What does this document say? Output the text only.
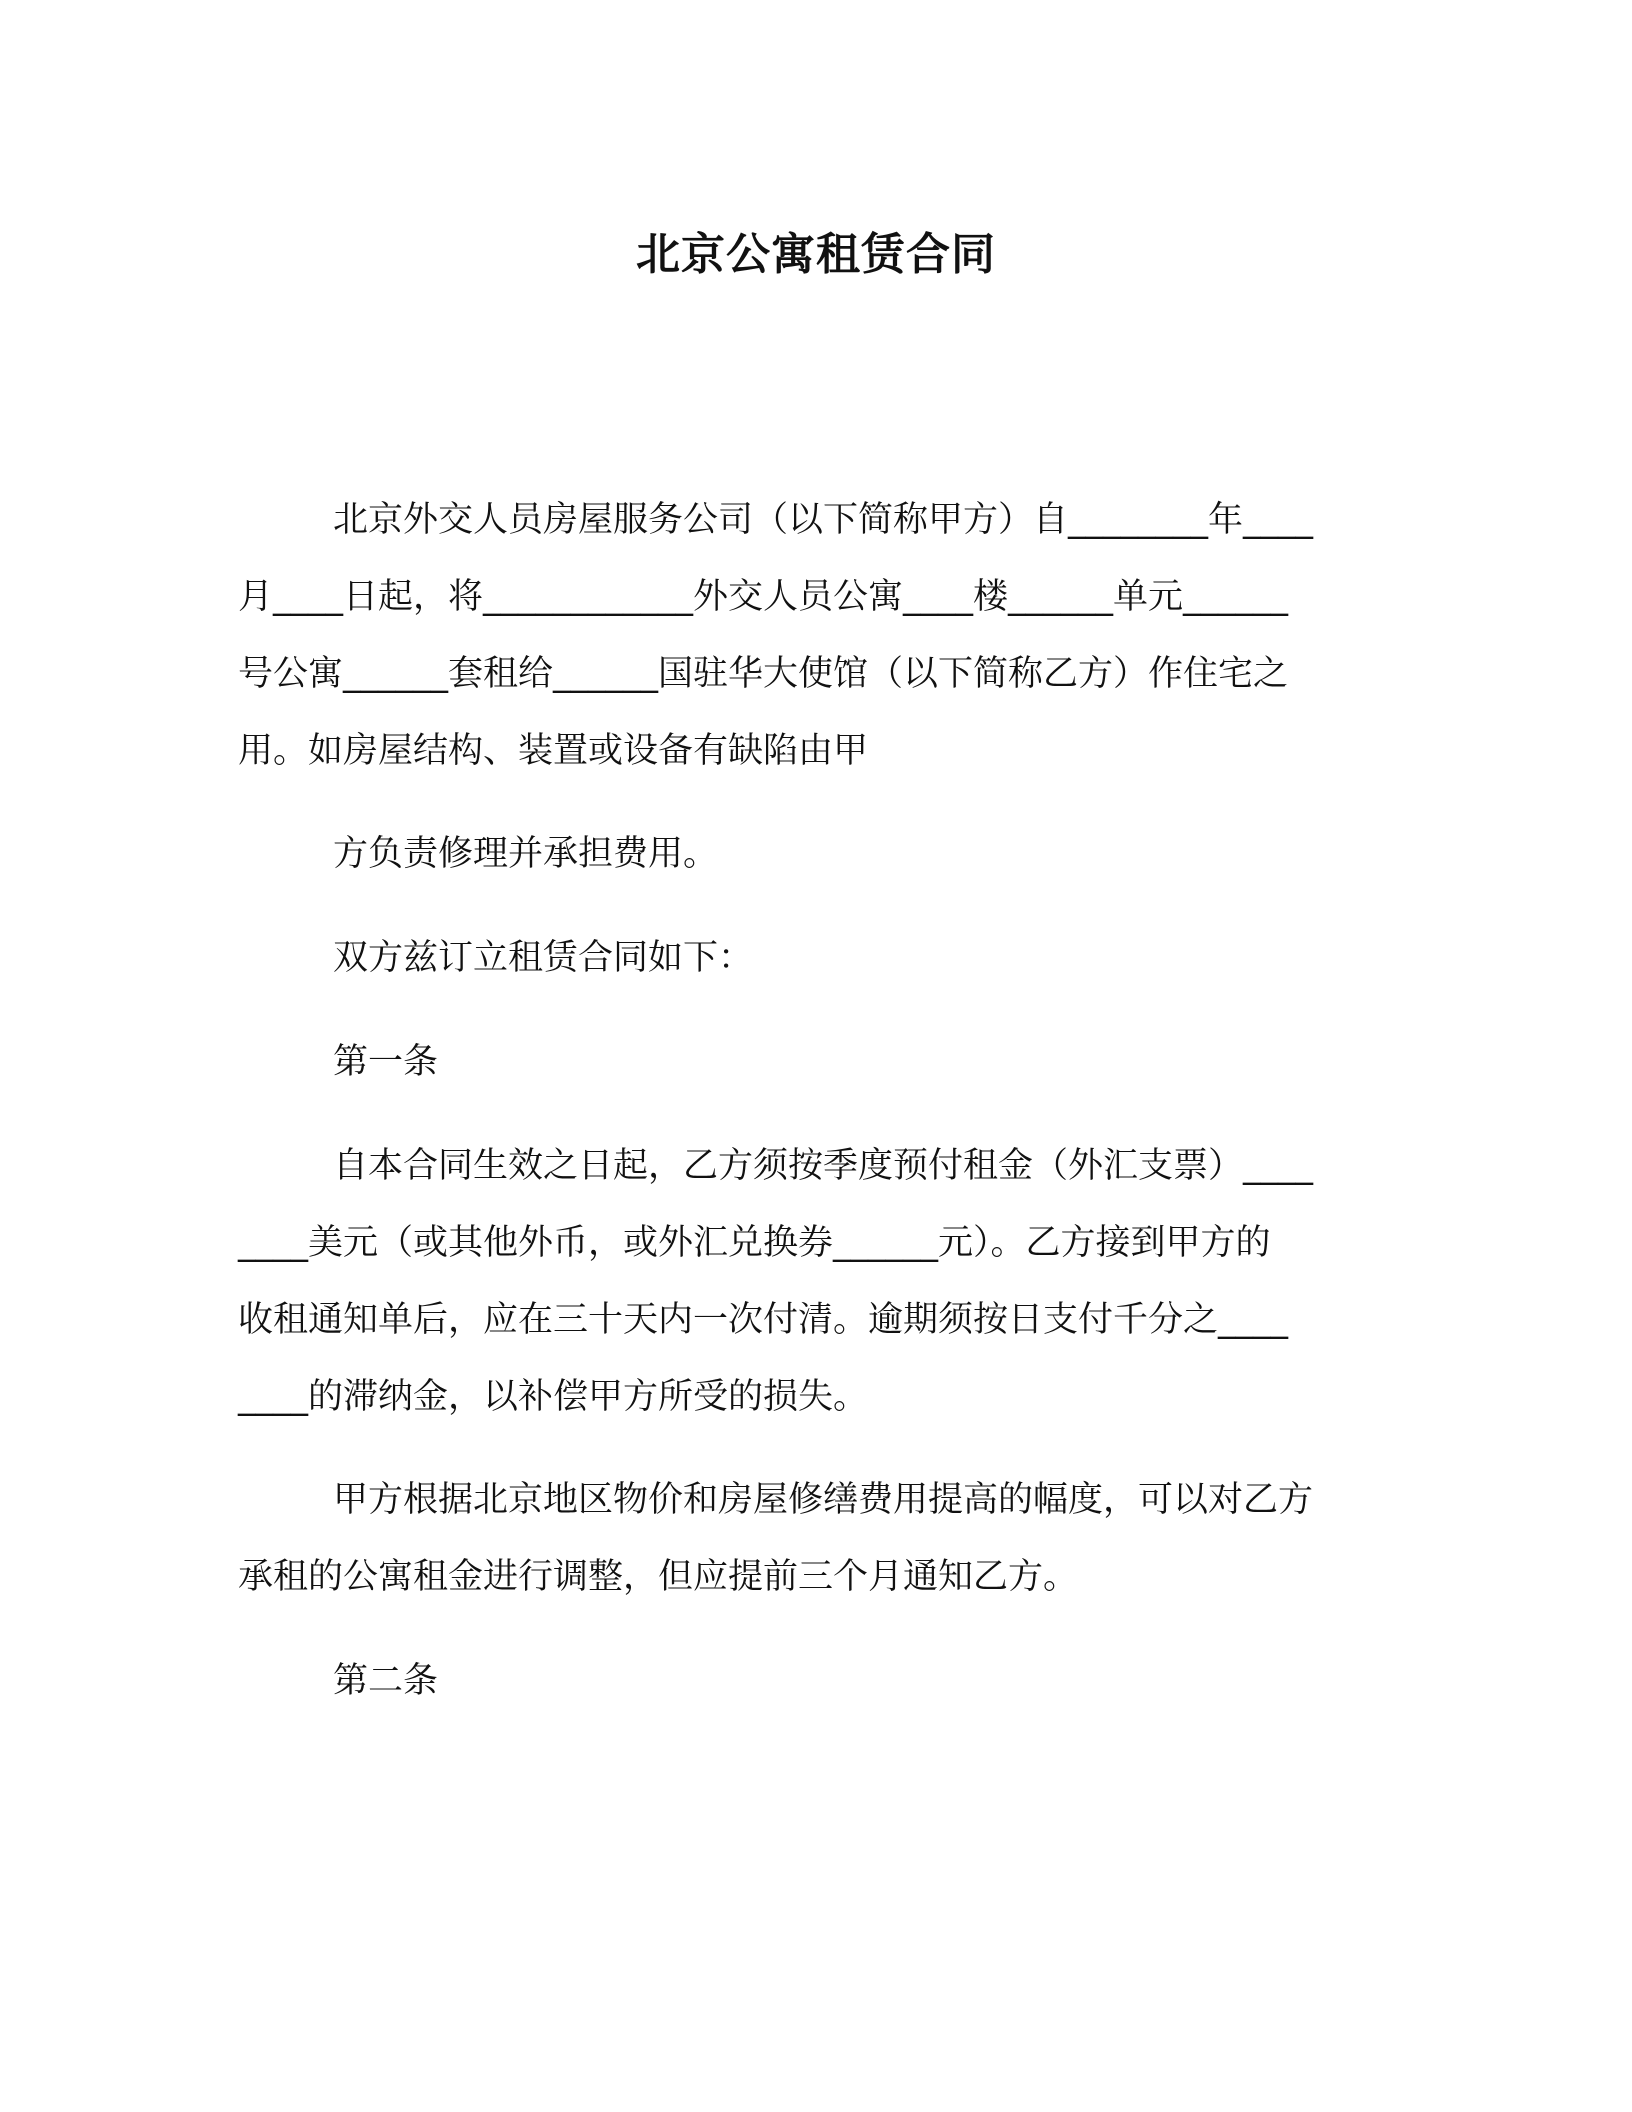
北京公寓租赁合同

北京外交人员房屋服务公司（以下简称甲方）自________年____

月____日起，将____________外交人员公寓____楼______单元______

号公寓______套租给______国驻华大使馆（以下简称乙方）作住宅之

用。如房屋结构、装置或设备有缺陷由甲

方负责修理并承担费用。

双方兹订立租赁合同如下：

第一条

自本合同生效之日起，乙方须按季度预付租金（外汇支票）____

____美元（或其他外币，或外汇兑换券______元）。乙方接到甲方的

收租通知单后，应在三十天内一次付清。逾期须按日支付千分之____

____的滞纳金，以补偿甲方所受的损失。

甲方根据北京地区物价和房屋修缮费用提高的幅度，可以对乙方

承租的公寓租金进行调整，但应提前三个月通知乙方。

第二条
